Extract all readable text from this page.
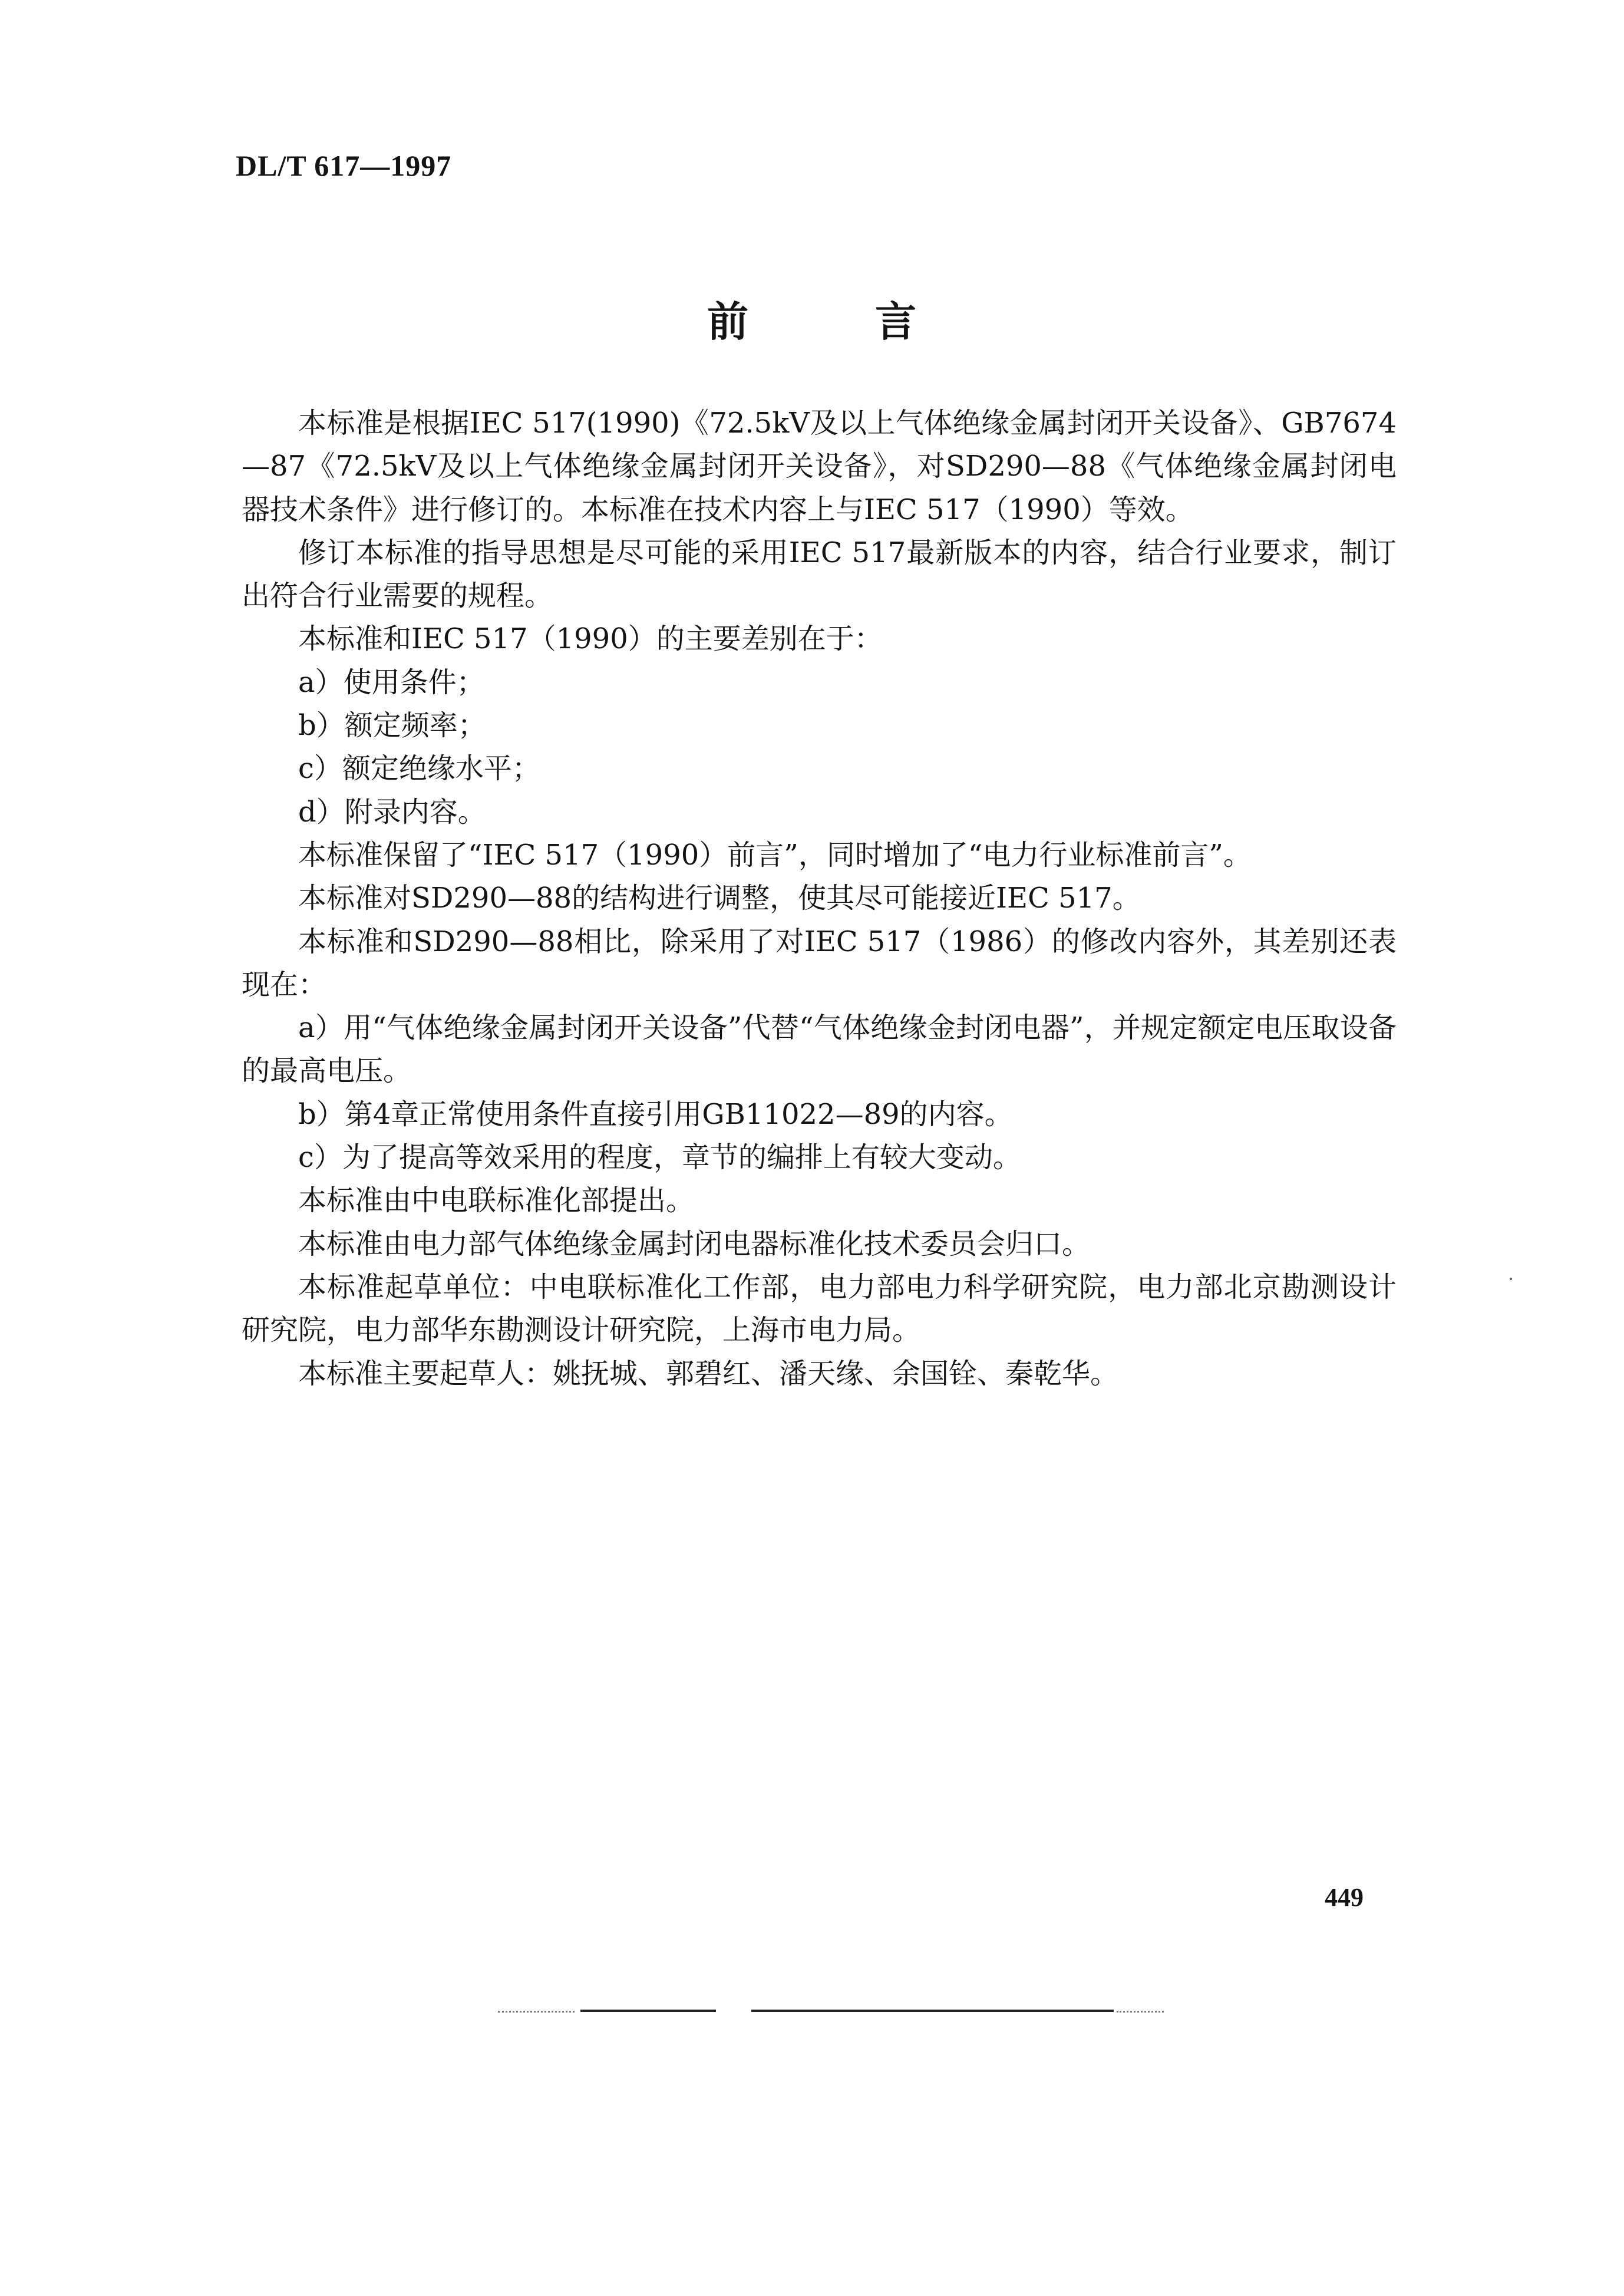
DL/T 617—1997
前言

本标准是根据IEC 517(1990)《72.5kV及以上气体绝缘金属封闭开关设备》、GB7674—87《72.5kV及以上气体绝缘金属封闭开关设备》，对SD290—88《气体绝缘金属封闭电器技术条件》进行修订的。本标准在技术内容上与IEC 517（1990）等效。

修订本标准的指导思想是尽可能的采用IEC 517最新版本的内容，结合行业要求，制订出符合行业需要的规程。

本标准和IEC 517（1990）的主要差别在于：

a）使用条件；

b）额定频率；

c）额定绝缘水平；

d）附录内容。

本标准保留了“IEC 517（1990）前言”，同时增加了“电力行业标准前言”。

本标准对SD290—88的结构进行调整，使其尽可能接近IEC 517。

本标准和SD290—88相比，除采用了对IEC 517（1986）的修改内容外，其差别还表现在：

a）用“气体绝缘金属封闭开关设备”代替“气体绝缘金封闭电器”，并规定额定电压取设备的最高电压。

b）第4章正常使用条件直接引用GB11022—89的内容。

c）为了提高等效采用的程度，章节的编排上有较大变动。

本标准由中电联标准化部提出。

本标准由电力部气体绝缘金属封闭电器标准化技术委员会归口。

本标准起草单位：中电联标准化工作部，电力部电力科学研究院，电力部北京勘测设计研究院，电力部华东勘测设计研究院，上海市电力局。

本标准主要起草人：姚抚城、郭碧红、潘天缘、余国铨、秦乾华。

449
